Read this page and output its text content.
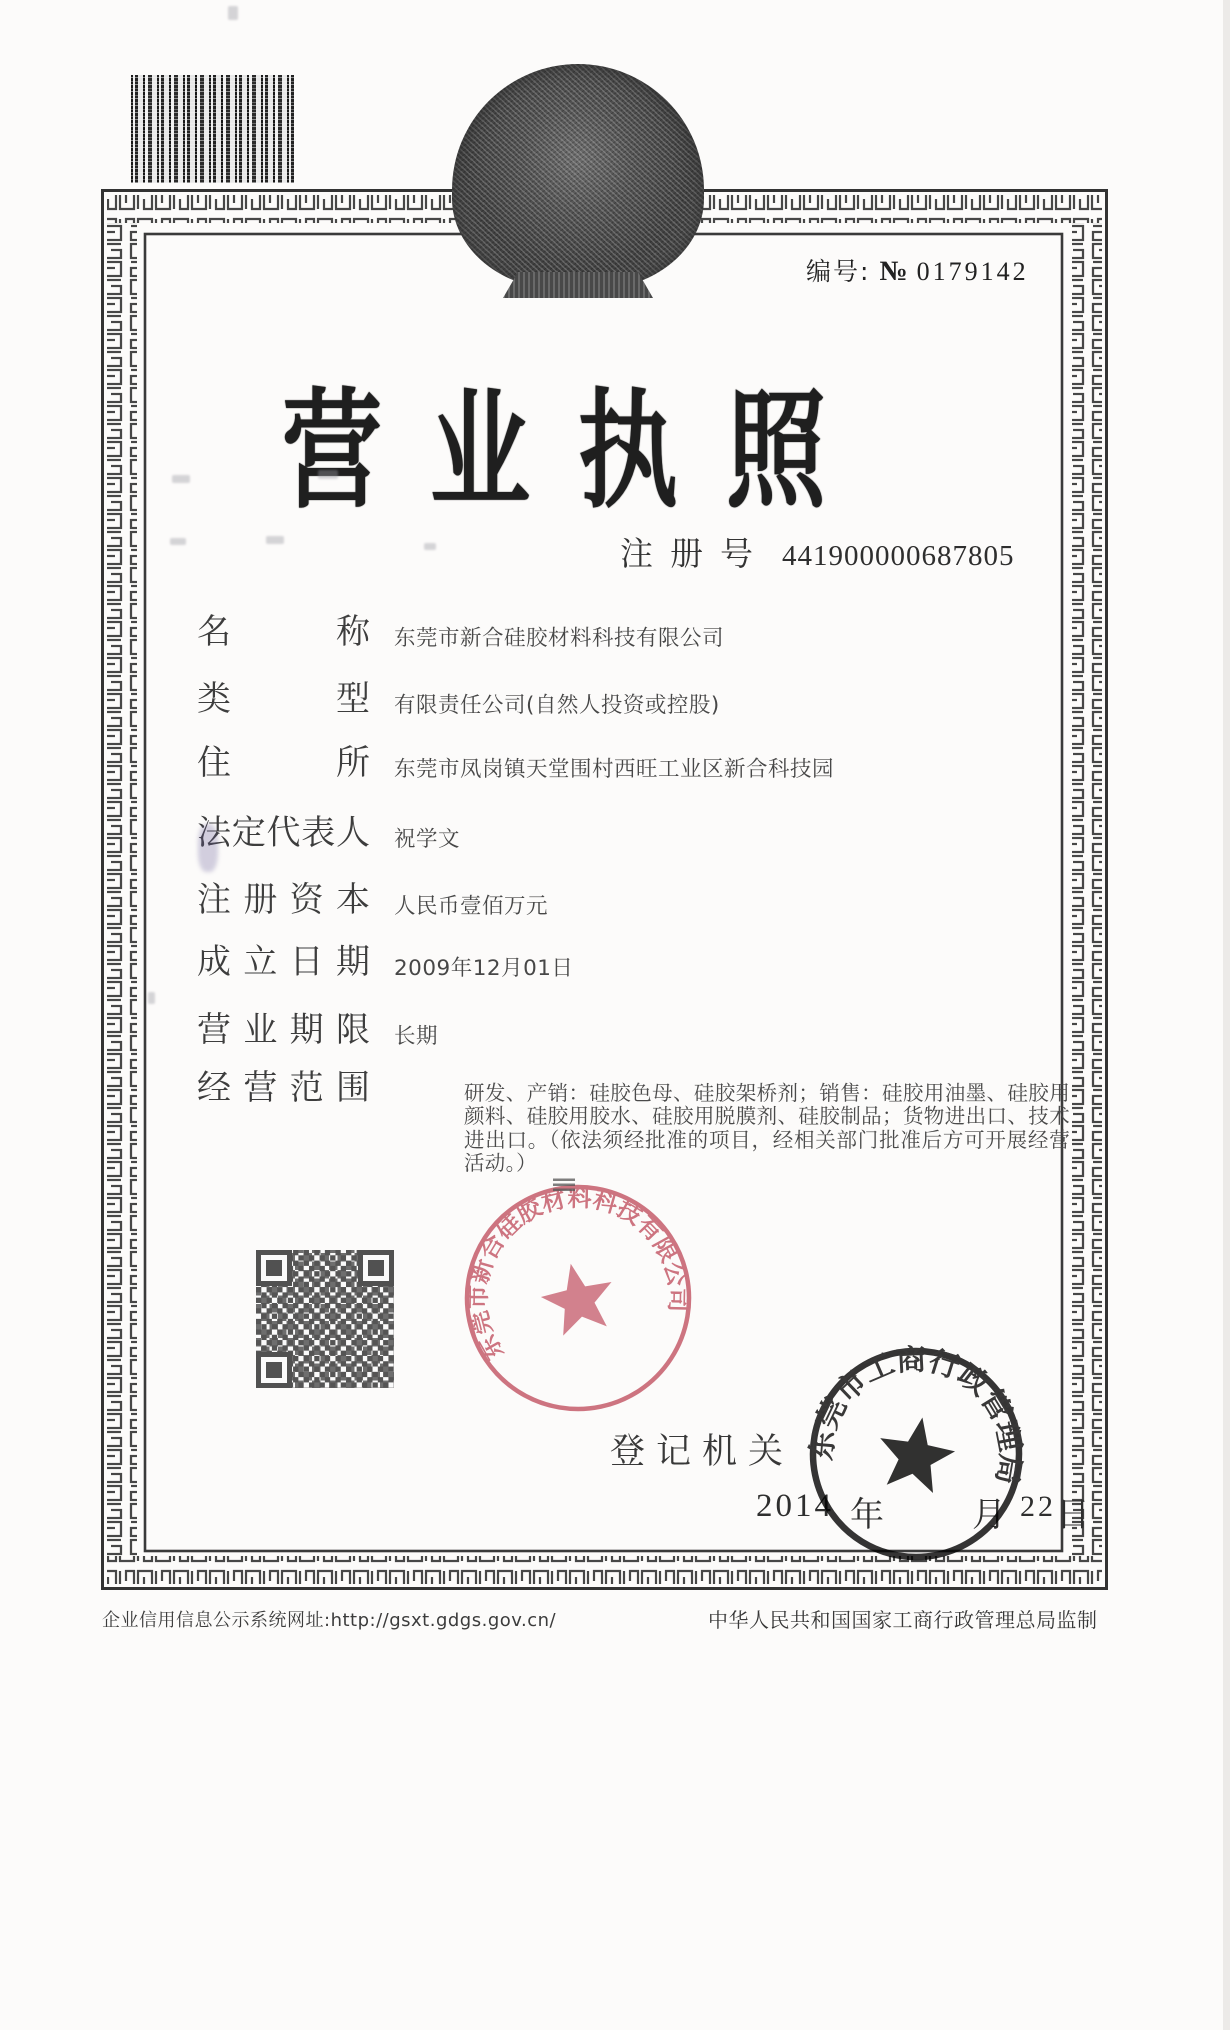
编号: № 0179142
营业执照
注册号 441900000687805
名称 东莞市新合硅胶材料科技有限公司
类型 有限责任公司(自然人投资或控股)
住所 东莞市凤岗镇天堂围村西旺工业区新合科技园
法定代表人 祝学文
注册资本 人民币壹佰万元
成立日期 2009年12月01日
营业期限 长期
经营范围	研发、产销：硅胶色母、硅胶架桥剂；销售：硅胶用油墨、硅胶用颜料、硅胶用胶水、硅胶用脱膜剂、硅胶制品；货物进出口、技术进出口。（依法须经批准的项目，经相关部门批准后方可开展经营活动。）
东莞市新合硅胶材料科技有限公司
登记机关
2014 年	月 22 日
东莞市工商行政管理局
企业信用信息公示系统网址:http://gsxt.gdgs.gov.cn/	中华人民共和国国家工商行政管理总局监制
